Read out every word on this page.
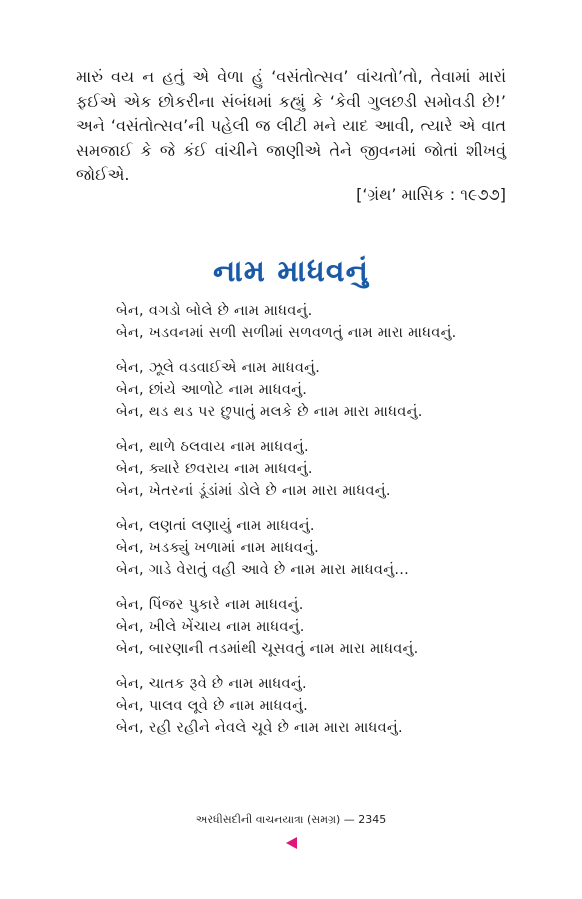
મારું વય ન હતું એ વેળા હું ‘વસંતોત્સવ’ વાંચતો’તો, તેવામાં મારાં ફઈએ એક છોકરીના સંબંધમાં કહ્યું કે ‘કેવી ગુલછડી સમોવડી છે!’ અને ‘વસંતોત્સવ’ની પહેલી જ લીટી મને યાદ આવી, ત્યારે એ વાત સમજાઈ કે જે કંઈ વાંચીને જાણીએ તેને જીવનમાં જોતાં શીખવું જોઈએ.

[‘ગ્રંથ’ માસિક : ૧૯૭૭]
નામ માધવનું
બેન, વગડો બોલે છે નામ માધવનું.
બેન, ખડવનમાં સળી સળીમાં સળવળતું નામ મારા માધવનું.
બેન, ઝૂલે વડવાઈએ નામ માધવનું.
બેન, છાંયે આળોટે નામ માધવનું.
બેન, થડ થડ પર છુપાતું મલકે છે નામ મારા માધવનું.
બેન, થાળે ઠલવાય નામ માધવનું.
બેન, ક્યારે છવરાય નામ માધવનું.
બેન, ખેતરનાં ડૂંડાંમાં ડોલે છે નામ મારા માધવનું.
બેન, લણતાં લણાયું નામ માધવનું.
બેન, ખડક્યું ખળામાં નામ માધવનું.
બેન, ગાડે વેરાતું વહી આવે છે નામ મારા માધવનું...
બેન, પિંજર પુકારે નામ માધવનું.
બેન, ખીલે ખેંચાય નામ માધવનું.
બેન, બારણાની તડમાંથી ચૂસવતું નામ મારા માધવનું.
બેન, ચાતક રૂવે છે નામ માધવનું.
બેન, પાલવ લૂવે છે નામ માધવનું.
બેન, રહી રહીને નેવલે ચૂવે છે નામ મારા માધવનું.
અરધીસદીની વાચનયાત્રા (સમગ્ર) — 2345
